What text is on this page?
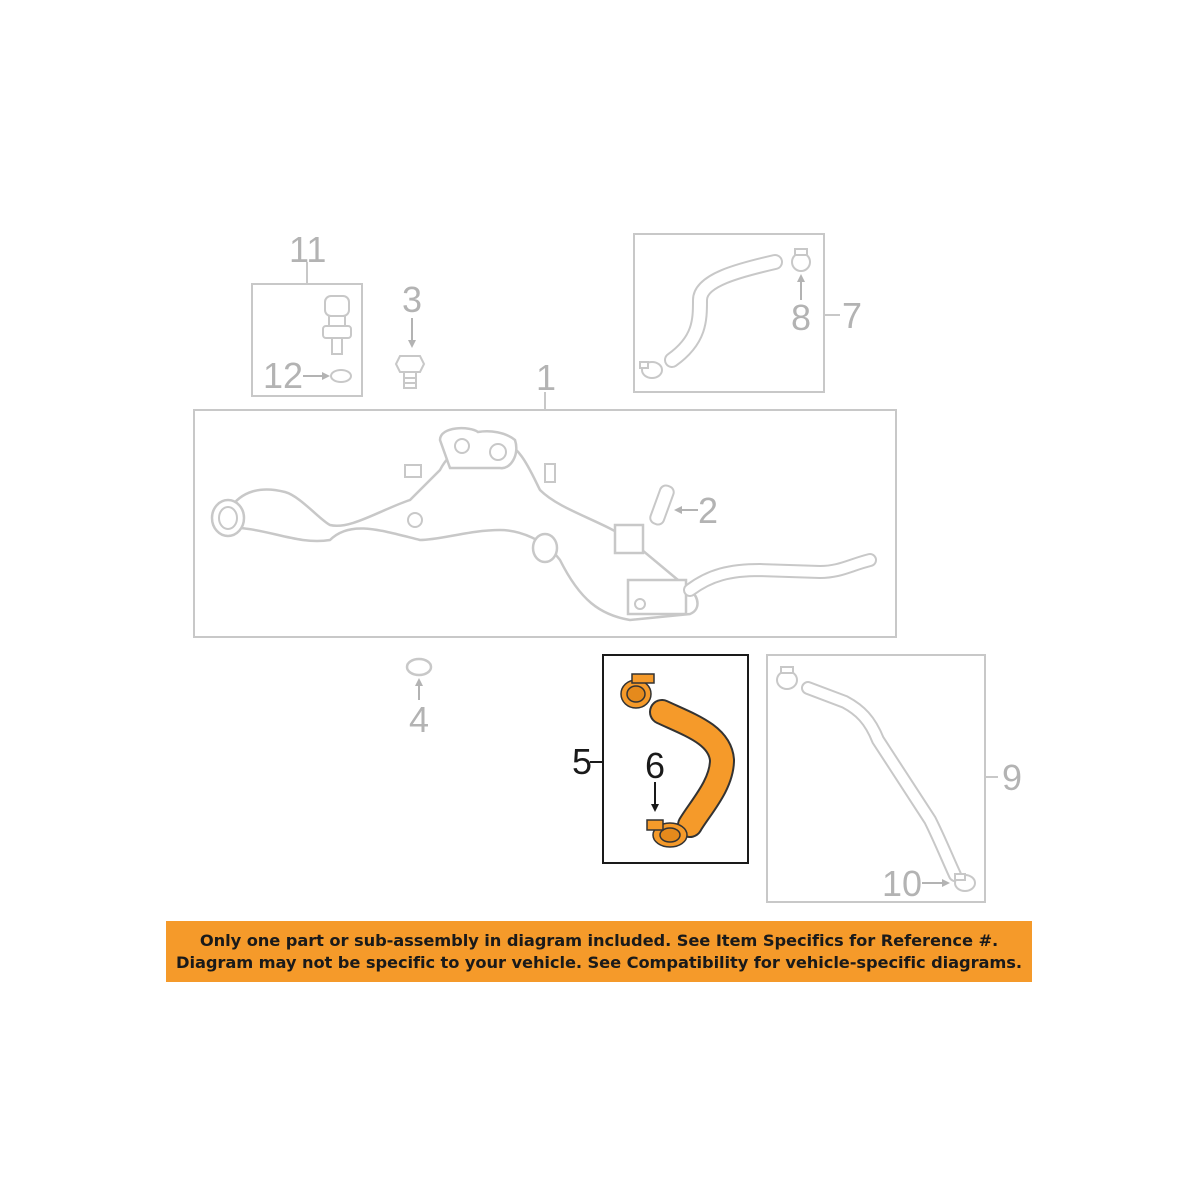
11
12
3	8 7
1
2
4
5 6	9
10
Only one part or sub-assembly in diagram included. See Item Specifics for Reference #.
Diagram may not be specific to your vehicle. See Compatibility for vehicle-specific diagrams.
